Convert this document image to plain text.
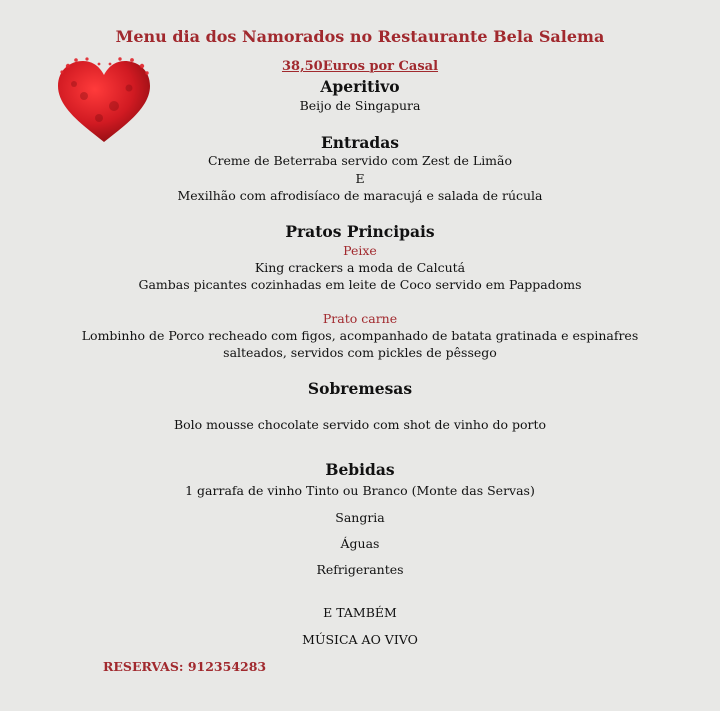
Menu dia dos Namorados no Restaurante Bela Salema
38,50Euros por Casal
Aperitivo
Beijo de Singapura
Entradas
Creme de Beterraba servido com Zest de Limão
E
Mexilhão com afrodisíaco de maracujá e salada de rúcula
Pratos Principais
Peixe
King crackers a moda de Calcutá
Gambas picantes cozinhadas em leite de Coco servido em Pappadoms
Prato carne
Lombinho de Porco recheado com figos, acompanhado de batata gratinada e espinafres
salteados, servidos com pickles de pêssego
Sobremesas
Bolo mousse chocolate servido com shot de vinho do porto
Bebidas
1 garrafa de vinho Tinto ou Branco (Monte das Servas)
Sangria
Águas
Refrigerantes
E TAMBÉM
MÚSICA AO VIVO
RESERVAS: 912354283
